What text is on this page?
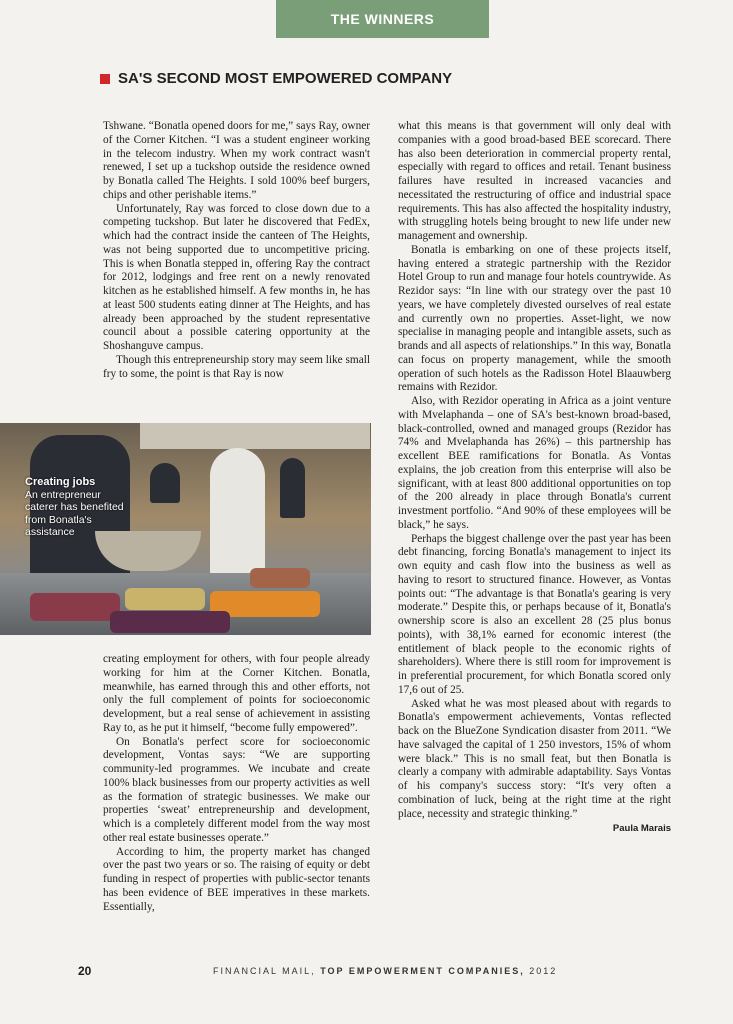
THE WINNERS
SA'S SECOND MOST EMPOWERED COMPANY

Tshwane. “Bonatla opened doors for me,” says Ray, owner of the Corner Kitchen. “I was a student engineer working in the telecom industry. When my work contract wasn't renewed, I set up a tuckshop outside the residence owned by Bonatla called The Heights. I sold 100% beef burgers, chips and other perishable items.”

Unfortunately, Ray was forced to close down due to a competing tuckshop. But later he discovered that FedEx, which had the contract inside the canteen of The Heights, was not being supported due to uncompetitive pricing. This is when Bonatla stepped in, offering Ray the contract for 2012, lodgings and free rent on a newly renovated kitchen as he established himself. A few months in, he has at least 500 students eating dinner at The Heights, and has already been approached by the student representative council about a possible catering opportunity at the Shoshanguve campus.

Though this entrepreneurship story may seem like small fry to some, the point is that Ray is now

Creating jobs
An entrepreneur caterer has benefited from Bonatla's assistance

creating employment for others, with four people already working for him at the Corner Kitchen. Bonatla, meanwhile, has earned through this and other efforts, not only the full complement of points for socioeconomic development, but a real sense of achievement in assisting Ray to, as he put it himself, “become fully empowered”.

On Bonatla's perfect score for socioeconomic development, Vontas says: “We are supporting community-led programmes. We incubate and create 100% black businesses from our property activities as well as the formation of strategic businesses. We make our properties ‘sweat’ entrepreneurship and development, which is a completely different model from the way most other real estate businesses operate.”

According to him, the property market has changed over the past two years or so. The raising of equity or debt funding in respect of properties with public-sector tenants has been evidence of BEE imperatives in these markets. Essentially,

what this means is that government will only deal with companies with a good broad-based BEE scorecard. There has also been deterioration in commercial property rental, especially with regard to offices and retail. Tenant business failures have resulted in increased vacancies and necessitated the restructuring of office and industrial space requirements. This has also affected the hospitality industry, with struggling hotels being brought to new life under new management and ownership.

Bonatla is embarking on one of these projects itself, having entered a strategic partnership with the Rezidor Hotel Group to run and manage four hotels countrywide. As Rezidor says: “In line with our strategy over the past 10 years, we have completely divested ourselves of real estate and currently own no properties. Asset-light, we now specialise in managing people and intangible assets, such as brands and all aspects of relationships.” In this way, Bonatla can focus on property management, while the smooth operation of such hotels as the Radisson Hotel Blaauwberg remains with Rezidor.

Also, with Rezidor operating in Africa as a joint venture with Mvelaphanda – one of SA's best-known broad-based, black-controlled, owned and managed groups (Rezidor has 74% and Mvelaphanda has 26%) – this partnership has excellent BEE ramifications for Bonatla. As Vontas explains, the job creation from this enterprise will also be significant, with at least 800 additional opportunities on top of the 200 already in place through Bonatla's current investment portfolio. “And 90% of these employees will be black,” he says.

Perhaps the biggest challenge over the past year has been debt financing, forcing Bonatla's management to inject its own equity and cash flow into the business as well as having to resort to structured finance. However, as Vontas points out: “The advantage is that Bonatla's gearing is very moderate.” Despite this, or perhaps because of it, Bonatla's ownership score is also an excellent 28 (25 plus bonus points), with 38,1% earned for economic interest (the entitlement of black people to the economic rights of shareholders). Where there is still room for improvement is in preferential procurement, for which Bonatla scored only 17,6 out of 25.

Asked what he was most pleased about with regards to Bonatla's empowerment achievements, Vontas reflected back on the BlueZone Syndication disaster from 2011. “We have salvaged the capital of 1 250 investors, 15% of whom were black.” This is no small feat, but then Bonatla is clearly a company with admirable adaptability. Says Vontas of his company's success story: “It's very often a combination of luck, being at the right time at the right place, necessity and strategic thinking.”

Paula Marais
20	FINANCIAL MAIL, TOP EMPOWERMENT COMPANIES, 2012
